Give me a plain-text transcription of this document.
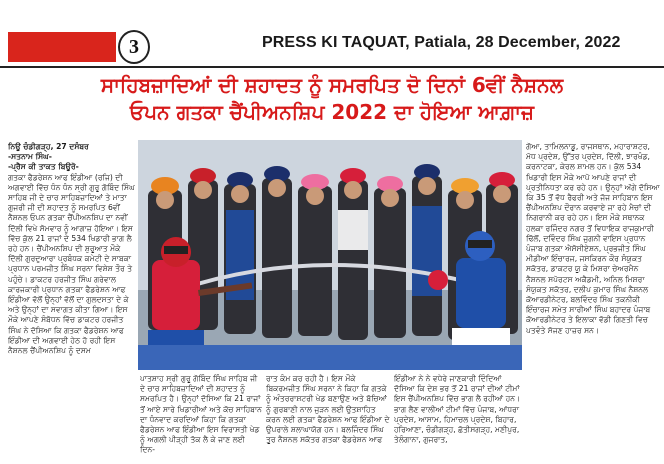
3	PRESS KI TAQUAT, Patiala, 28 December, 2022
ਸਾਹਿਬਜ਼ਾਦਿਆਂ ਦੀ ਸ਼ਹਾਦਤ ਨੂੰ ਸਮਰਪਿਤ ਦੋ ਦਿਨਾਂ 6ਵੀਂ ਨੈਸ਼ਨਲ
ਓਪਨ ਗਤਕਾ ਚੈਂਪੀਅਨਸ਼ਿਪ 2022 ਦਾ ਹੋਇਆ ਆਗ਼ਾਜ਼

ਨਿਊ ਚੰਡੀਗੜ੍ਹ, 27 ਦਸੰਬਰ

-ਸਤਨਾਮ ਸਿੰਘ-

-ਪ੍ਰੈਸ ਕੀ ਤਾਕਤ ਬਿਊਰੋ-

ਗਤਕਾ ਫੈਡਰੇਸ਼ਨ ਆਫ ਇੰਡੀਆ (ਰਜਿ) ਦੀ ਅਗਵਾਈ ਵਿੱਚ ਧੰਨ ਧੰਨ ਸ੍ਰੀ ਗੁਰੂ ਗੋਬਿੰਦ ਸਿੰਘ ਸਾਹਿਬ ਜੀ ਦੇ ਚਾਰ ਸਾਹਿਬਜ਼ਾਦਿਆਂ ਤੇ ਮਾਤਾ ਗੁਜਰੀ ਜੀ ਦੀ ਸ਼ਹਾਦਤ ਨੂੰ ਸਮਰਪਿਤ 6ਵੀਂ ਨੈਸ਼ਨਲ ਓਪਨ ਗਤਕਾ ਚੈਂਪੀਅਨਸ਼ਿਪ ਦਾ ਨਵੀਂ ਦਿੱਲੀ ਵਿਖੇ ਸੋਮਵਾਰ ਨੂੰ ਆਗਾਜ਼ ਹੋਇਆ। ਇਸ ਵਿੱਚ ਕੁੱਲ 21 ਰਾਜਾਂ ਦੇ 534 ਖਿਡਾਰੀ ਭਾਗ ਲੈ ਰਹੇ ਹਨ। ਚੈਂਪੀਅਨਸ਼ਿਪ ਦੀ ਸ਼ੁਰੂਆਤ ਮੌਕੇ ਦਿੱਲੀ ਗੁਰਦੁਆਰਾ ਪ੍ਰਬੰਧਕ ਕਮੇਟੀ ਦੇ ਸਾਬਕਾ ਪ੍ਰਧਾਨ ਪਰਮਜੀਤ ਸਿੰਘ ਸਰਨਾ ਵਿਸ਼ੇਸ਼ ਤੌਰ ਤੇ ਪਹੁੰਚੇ। ਡਾਕਟਰ ਹਰਜੀਤ ਸਿੰਘ ਗਰੇਵਾਲ ਕਾਰਜਕਾਰੀ ਪ੍ਰਧਾਨ ਗਤਕਾ ਫੈਡਰੇਸ਼ਨ ਆਫ ਇੰਡੀਆ ਵੱਲੋਂ ਉਨ੍ਹਾਂ ਵੱਲੋਂ ਦਾ ਗੁਲਦਸਤਾ ਦੇ ਕੇ ਅਤੇ ਉਨ੍ਹਾਂ ਦਾ ਸਵਾਗਤ ਕੀਤਾ ਗਿਆ। ਇਸ ਮੌਕੇ ਆਪਣੇ ਸੰਬੋਧਨ ਵਿੱਚ ਡਾਕਟਰ ਹਰਜੀਤ ਸਿੰਘ ਨੇ ਦੱਸਿਆ ਕਿ ਗਤਕਾ ਫੈਡਰੇਸ਼ਨ ਆਫ ਇੰਡੀਆ ਦੀ ਅਗਵਾਈ ਹੇਠ ਹੋ ਰਹੀ ਇਸ ਨੈਸ਼ਨਲ ਚੈਂਪੀਅਨਸ਼ਿਪ ਨੂੰ ਦਸਮ

ਪਾਤਸ਼ਾਹ ਸ੍ਰੀ ਗੁਰੂ ਗੋਬਿੰਦ ਸਿੰਘ ਸਾਹਿਬ ਜੀ ਦੇ ਚਾਰ ਸਾਹਿਬਜ਼ਾਦਿਆਂ ਦੀ ਸ਼ਹਾਦਤ ਨੂੰ ਸਮਰਪਿਤ ਹੈ। ਉਨ੍ਹਾਂ ਦੱਸਿਆ ਕਿ 21 ਰਾਜਾਂ ਤੋਂ ਆਏ ਸਾਰੇ ਖਿਡਾਰੀਆਂ ਅਤੇ ਕੋਚ ਸਾਹਿਬਾਨ ਦਾ ਧੰਨਵਾਦ ਕਰਦਿਆਂ ਕਿਹਾ ਕਿ ਗਤਕਾ ਫੈਡਰੇਸ਼ਨ ਆਫ ਇੰਡੀਆ ਇਸ ਵਿਰਾਸਤੀ ਖੇਡ ਨੂੰ ਅਗਲੀ ਪੀੜ੍ਹੀ ਤੱਕ ਲੈ ਕੇ ਜਾਣ ਲਈ ਦਿਨ-
ਰਾਤ ਕੰਮ ਕਰ ਰਹੀ ਹੈ। ਇਸ ਮੌਕੇ ਬਿਕਰਮਜੀਤ ਸਿੰਘ ਸਰਨਾ ਨੇ ਕਿਹਾ ਕਿ ਗਤਕੇ ਨੂੰ ਅੰਤਰਰਾਸ਼ਟਰੀ ਖੇਡ ਬਣਾਉਣ ਅਤੇ ਬੱਚਿਆਂ ਨੂੰ ਗੁਰਬਾਣੀ ਨਾਲ ਜੁੜਨ ਲਈ ਉਤਸ਼ਾਹਿਤ ਕਰਨ ਲਈ ਗਤਕਾ ਫੈਡਰੇਸ਼ਨ ਆਫ ਇੰਡੀਆ ਦੇ ਉਪਰਾਲੇ ਸ਼ਲਾਘਾਯੋਗ ਹਨ। ਬਲਜਿੰਦਰ ਸਿੰਘ ਤੂਰ ਨੈਸ਼ਨਲ ਸਕੱਤਰ ਗਤਕਾ ਫੈਡਰੇਸ਼ਨ ਆਫ
ਇੰਡੀਆ ਨੇ ਨੇ ਵਧੇਰੇ ਜਾਣਕਾਰੀ ਦਿੰਦਿਆਂ ਦੱਸਿਆ ਕਿ ਦੇਸ਼ ਭਰ ਤੋਂ 21 ਰਾਜਾਂ ਦੀਆਂ ਟੀਮਾਂ ਇਸ ਚੈਂਪੀਅਨਸ਼ਿਪ ਵਿੱਚ ਭਾਗ ਲੈ ਰਹੀਆਂ ਹਨ। ਭਾਗ ਲੈਣ ਵਾਲੀਆਂ ਟੀਮਾਂ ਵਿੱਚ ਪੰਜਾਬ, ਆਂਧਰਾ ਪ੍ਰਦੇਸ਼, ਆਸਾਮ, ਹਿਮਾਚਲ ਪ੍ਰਦੇਸ਼, ਬਿਹਾਰ, ਹਰਿਆਣਾ, ਚੰਡੀਗੜ੍ਹ, ਛੱਤੀਸਗੜ੍ਹ, ਮਣੀਪੁਰ, ਤੇਲੰਗਾਨਾ, ਗੁਜਰਾਤ,

ਗੋਆ, ਤਾਮਿਲਨਾਡੂ, ਰਾਜਸਥਾਨ, ਮਹਾਰਾਸ਼ਟਰ, ਮੱਧ ਪ੍ਰਦੇਸ਼, ਉੱਤਰ ਪ੍ਰਦੇਸ਼, ਦਿੱਲੀ, ਝਾਰਖੰਡ, ਕਰਨਾਟਕਾ, ਕੇਰਲ ਸ਼ਾਮਲ ਹਨ। ਕੁੱਲ 534 ਖਿਡਾਰੀ ਇਸ ਮੌਕੇ ਆਪੋ ਆਪਣੇ ਰਾਜਾਂ ਦੀ ਪ੍ਰਤੀਨਿਧਤਾ ਕਰ ਰਹੇ ਹਨ। ਉਨ੍ਹਾਂ ਅੱਗੇ ਦੱਸਿਆ ਕਿ 35 ਤੋਂ ਵੱਧ ਰੈਫਰੀ ਅਤੇ ਜੱਜ ਸਾਹਿਬਾਨ ਇਸ ਚੈਂਪੀਅਨਸ਼ਿਪ ਦੌਰਾਨ ਕਰਵਾਏ ਜਾ ਰਹੇ ਮੈਚਾਂ ਦੀ ਨਿਗਰਾਨੀ ਕਰ ਰਹੇ ਹਨ। ਇਸ ਮੌਕੇ ਸਥਾਨਕ ਹਲਕਾ ਰਜਿੰਦਰ ਨਗਰ ਤੋਂ ਵਿਧਾਇਕ ਰਾਜਕੁਮਾਰੀ ਢਿੱਲੋਂ, ਦਵਿੰਦਰ ਸਿੰਘ ਜੁਗਨੀ ਵਾਇਸ ਪ੍ਰਧਾਨ ਪੰਜਾਬ ਗਤਕਾ ਐਸੋਸੀਏਸ਼ਨ, ਪ੍ਰਭਜੀਤ ਸਿੰਘ ਮੀਡੀਆ ਇੰਚਾਰਜ, ਜਸਕਿਰਨ ਕੌਰ ਸੰਯੁਕਤ ਸਕੱਤਰ, ਡਾਕਟਰ ਯੂ ਕੇ ਮਿਸ਼ਰਾ ਚੇਅਰਮੈਨ ਨੈਸ਼ਨਲ ਸਪੋਰਟਸ ਅਕੈਡਮੀ, ਅਨਿਲ ਮਿਸ਼ਰਾ ਸੰਯੁਕਤ ਸਕੱਤਰ, ਦਲੀਪ ਕੁਮਾਰ ਸਿੰਘ ਨੈਸ਼ਨਲ ਕੋਆਰਡੀਨੇਟਰ, ਬਲਵਿੰਦਰ ਸਿੰਘ ਤਕਨੀਕੀ ਇੰਚਾਰਜ ਸਮੇਤ ਸਾਰੀਆਂ ਸਿੰਘ ਬਹਾਦਰ ਪੰਜਾਬ ਕੋਆਰਡੀਨੇਟਰ ਤੇ ਇਲਾਕਾ ਵੱਡੀ ਗਿਣਤੀ ਵਿਚ ਪਤਵੰਤੇ ਸੱਜਣ ਹਾਜ਼ਰ ਸਨ।
